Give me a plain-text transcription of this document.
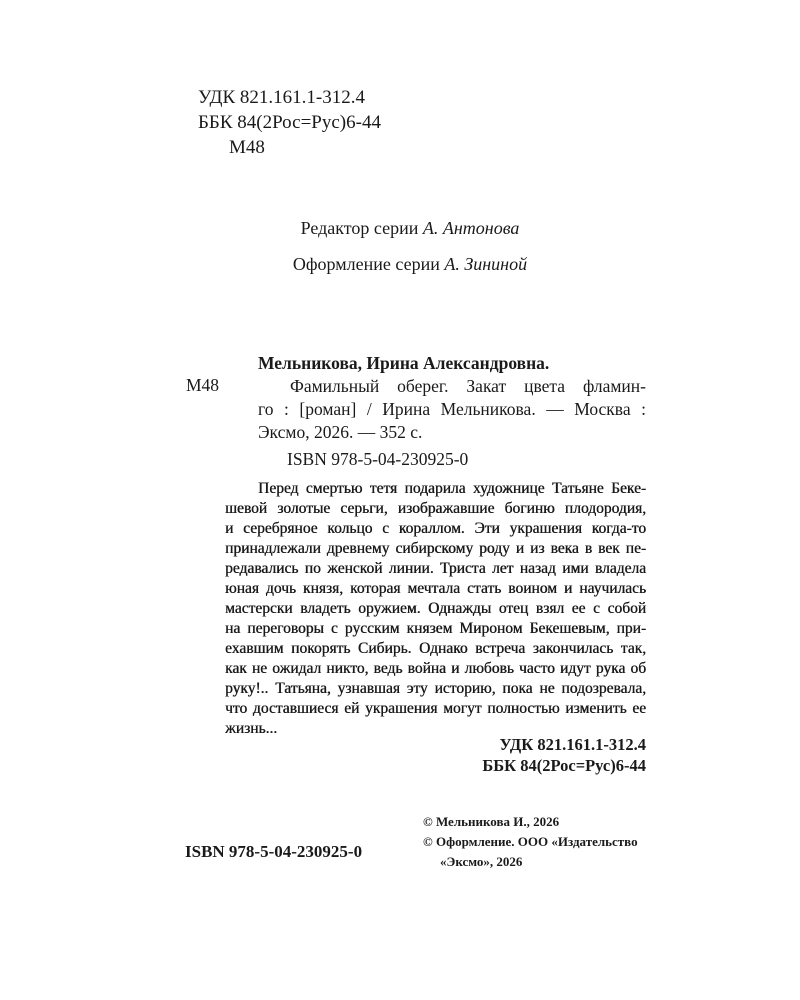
УДК 821.161.1-312.4
ББК 84(2Рос=Рус)6-44
М48
Редактор серии А. Антонова
Оформление серии А. Зининой
М48
Мельникова, Ирина Александровна.
Фамильный оберег. Закат цвета фламин-
го : [роман] / Ирина Мельникова. — Москва :
Эксмо, 2026. — 352 с.
ISBN 978-5-04-230925-0
Перед смертью тетя подарила художнице Татьяне Беке-
шевой золотые серьги, изображавшие богиню плодородия,
и серебряное кольцо с кораллом. Эти украшения когда-то
принадлежали древнему сибирскому роду и из века в век пе-
редавались по женской линии. Триста лет назад ими владела
юная дочь князя, которая мечтала стать воином и научилась
мастерски владеть оружием. Однажды отец взял ее с собой
на переговоры с русским князем Мироном Бекешевым, при-
ехавшим покорять Сибирь. Однако встреча закончилась так,
как не ожидал никто, ведь война и любовь часто идут рука об
руку!.. Татьяна, узнавшая эту историю, пока не подозревала,
что доставшиеся ей украшения могут полностью изменить ее
жизнь...
УДК 821.161.1-312.4
ББК 84(2Рос=Рус)6-44
© Мельникова И., 2026
© Оформление. ООО «Издательство
«Эксмо», 2026
ISBN 978-5-04-230925-0
